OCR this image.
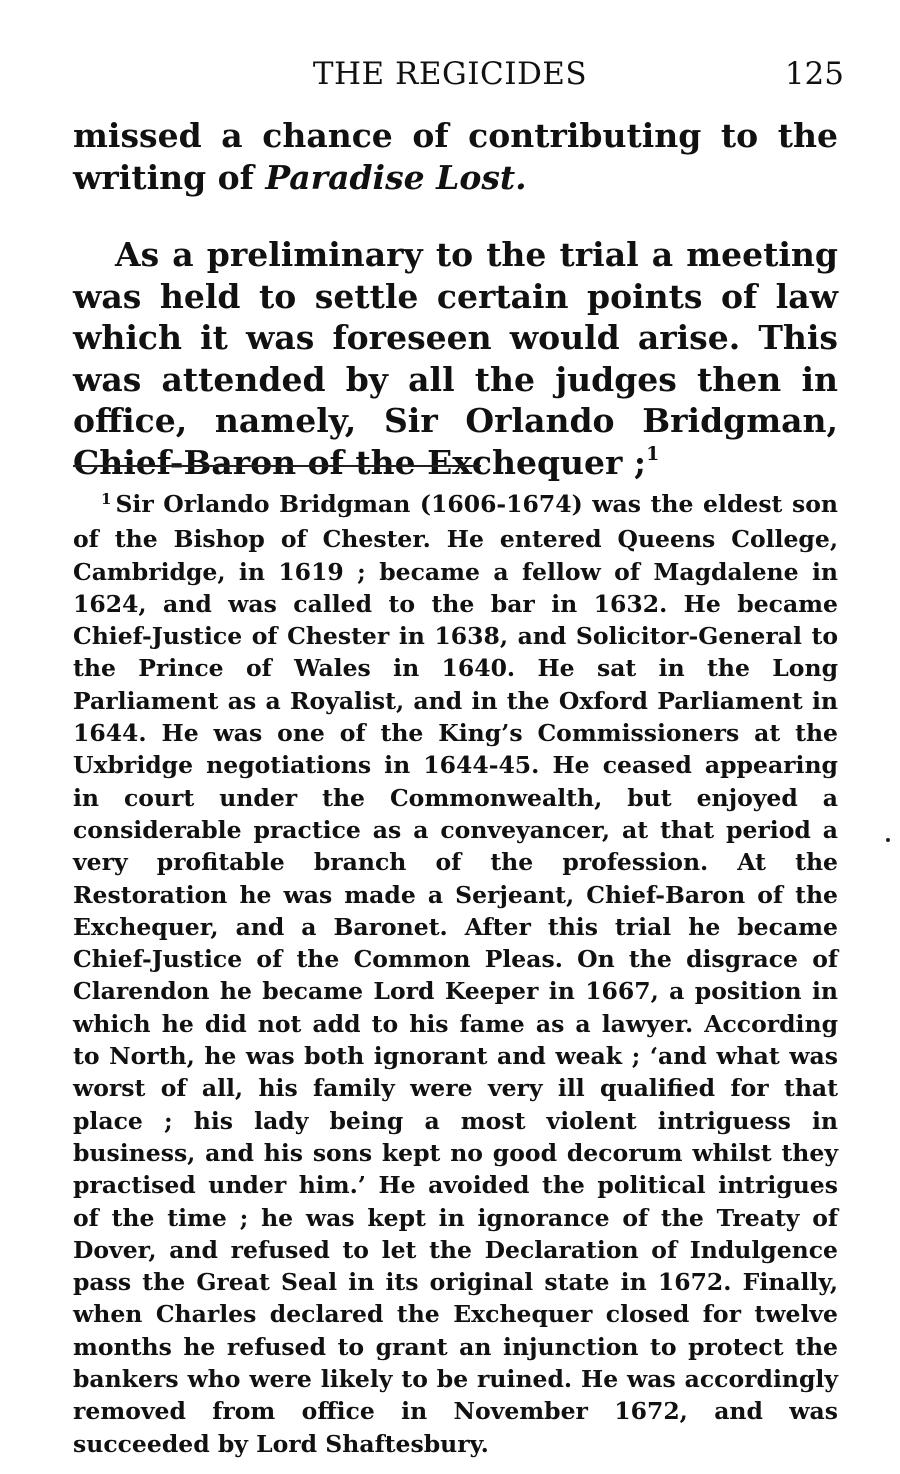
THE REGICIDES	125

missed a chance of contributing to the writing of Paradise Lost.

As a preliminary to the trial a meeting was held to settle certain points of law which it was foreseen would arise. This was attended by all the judges then in office, namely, Sir Orlando Bridgman, Chief-Baron of the Exchequer ;$^1$

$^1$ Sir Orlando Bridgman (1606-1674) was the eldest son of the Bishop of Chester. He entered Queens College, Cambridge, in 1619 ; became a fellow of Magdalene in 1624, and was called to the bar in 1632. He became Chief-Justice of Chester in 1638, and Solicitor-General to the Prince of Wales in 1640. He sat in the Long Parliament as a Royalist, and in the Oxford Parliament in 1644. He was one of the King’s Commissioners at the Uxbridge negotiations in 1644-45. He ceased appearing in court under the Commonwealth, but enjoyed a considerable practice as a conveyancer, at that period a very profitable branch of the profession. At the Restoration he was made a Serjeant, Chief-Baron of the Exchequer, and a Baronet. After this trial he became Chief-Justice of the Common Pleas. On the disgrace of Clarendon he became Lord Keeper in 1667, a position in which he did not add to his fame as a lawyer. According to North, he was both ignorant and weak ; ‘and what was worst of all, his family were very ill qualified for that place ; his lady being a most violent intriguess in business, and his sons kept no good decorum whilst they practised under him.’ He avoided the political intrigues of the time ; he was kept in ignorance of the Treaty of Dover, and refused to let the Declaration of Indulgence pass the Great Seal in its original state in 1672. Finally, when Charles declared the Exchequer closed for twelve months he refused to grant an injunction to protect the bankers who were likely to be ruined. He was accordingly removed from office in November 1672, and was succeeded by Lord Shaftesbury.
